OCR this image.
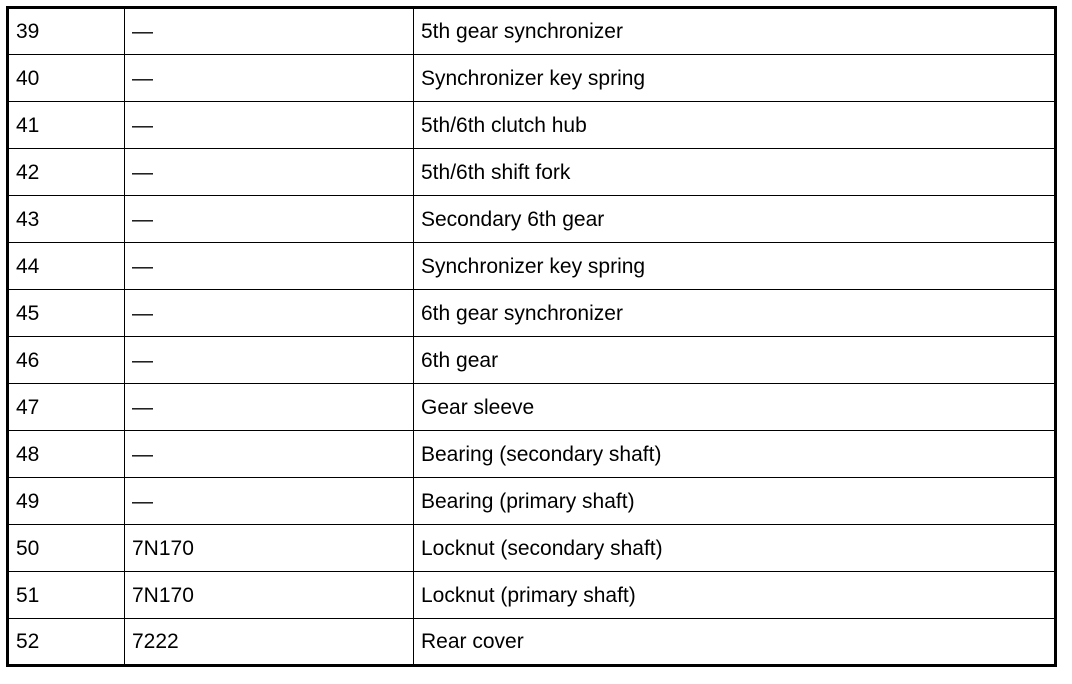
39	—	5th gear synchronizer
40	—	Synchronizer key spring
41	—	5th/6th clutch hub
42	—	5th/6th shift fork
43	—	Secondary 6th gear
44	—	Synchronizer key spring
45	—	6th gear synchronizer
46	—	6th gear
47	—	Gear sleeve
48	—	Bearing (secondary shaft)
49	—	Bearing (primary shaft)
50	7N170	Locknut (secondary shaft)
51	7N170	Locknut (primary shaft)
52	7222	Rear cover
